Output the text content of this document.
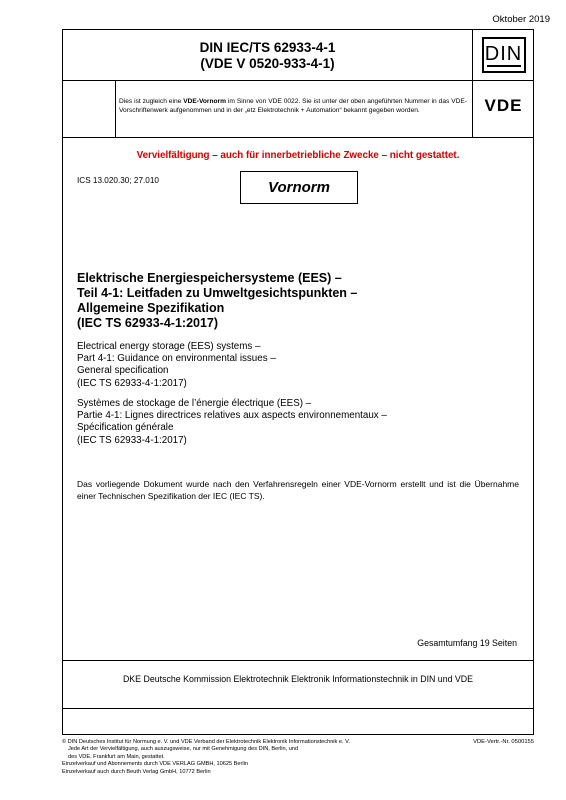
Oktober 2019
DIN IEC/TS 62933-4-1
(VDE V 0520-933-4-1)	DIN
Dies ist zugleich eine VDE-Vornorm im Sinne von VDE 0022. Sie ist unter der oben angeführten Nummer in das VDE-Vorschriftenwerk aufgenommen und in der „etz Elektrotechnik + Automation“ bekannt gegeben worden.	VDE
Vervielfältigung – auch für innerbetriebliche Zwecke – nicht gestattet.
ICS 13.020.30; 27.010	Vornorm
Elektrische Energiespeichersysteme (EES) –
Teil 4-1: Leitfaden zu Umweltgesichtspunkten –
Allgemeine Spezifikation
(IEC TS 62933-4-1:2017)
Electrical energy storage (EES) systems –
Part 4-1: Guidance on environmental issues –
General specification
(IEC TS 62933-4-1:2017)
Systèmes de stockage de l’énergie électrique (EES) –
Partie 4-1: Lignes directrices relatives aux aspects environnementaux –
Spécification générale
(IEC TS 62933-4-1:2017)
Das vorliegende Dokument wurde nach den Verfahrensregeln einer VDE-Vornorm erstellt und ist die Übernahme einer Technischen Spezifikation der IEC (IEC TS).
Gesamtumfang 19 Seiten
DKE Deutsche Kommission Elektrotechnik Elektronik Informationstechnik in DIN und VDE
© DIN Deutsches Institut für Normung e. V. und VDE Verband der Elektrotechnik Elektronik Informationstechnik e. V.
Jede Art der Vervielfältigung, auch auszugsweise, nur mit Genehmigung des DIN, Berlin, und
des VDE, Frankfurt am Main, gestattet.
Einzelverkauf und Abonnements durch VDE VERLAG GMBH, 10625 Berlin
Einzelverkauf auch durch Beuth Verlag GmbH, 10772 Berlin
VDE-Vertr.-Nr. 0500155
